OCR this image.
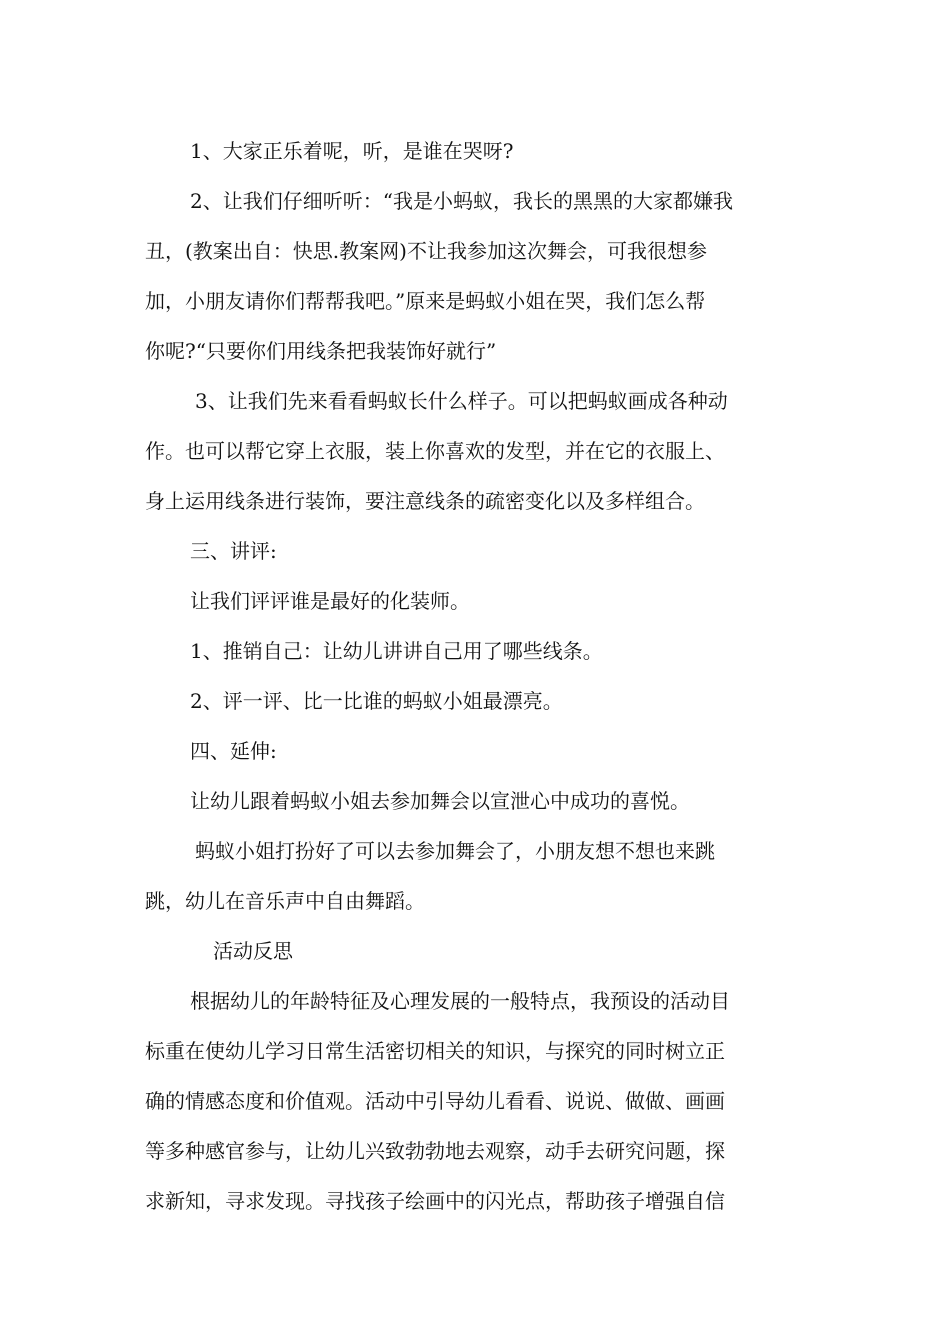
1、大家正乐着呢，听，是谁在哭呀?
2、让我们仔细听听：“我是小蚂蚁，我长的黑黑的大家都嫌我
丑，(教案出自：快思.教案网)不让我参加这次舞会，可我很想参
加，小朋友请你们帮帮我吧。”原来是蚂蚁小姐在哭，我们怎么帮
你呢?“只要你们用线条把我装饰好就行”
3、让我们先来看看蚂蚁长什么样子。可以把蚂蚁画成各种动
作。也可以帮它穿上衣服，装上你喜欢的发型，并在它的衣服上、
身上运用线条进行装饰，要注意线条的疏密变化以及多样组合。
三、讲评:
让我们评评谁是最好的化装师。
1、推销自己：让幼儿讲讲自己用了哪些线条。
2、评一评、比一比谁的蚂蚁小姐最漂亮。
四、延伸:
让幼儿跟着蚂蚁小姐去参加舞会以宣泄心中成功的喜悦。
蚂蚁小姐打扮好了可以去参加舞会了，小朋友想不想也来跳
跳，幼儿在音乐声中自由舞蹈。
活动反思
根据幼儿的年龄特征及心理发展的一般特点，我预设的活动目
标重在使幼儿学习日常生活密切相关的知识，与探究的同时树立正
确的情感态度和价值观。活动中引导幼儿看看、说说、做做、画画
等多种感官参与，让幼儿兴致勃勃地去观察，动手去研究问题，探
求新知，寻求发现。寻找孩子绘画中的闪光点，帮助孩子增强自信
